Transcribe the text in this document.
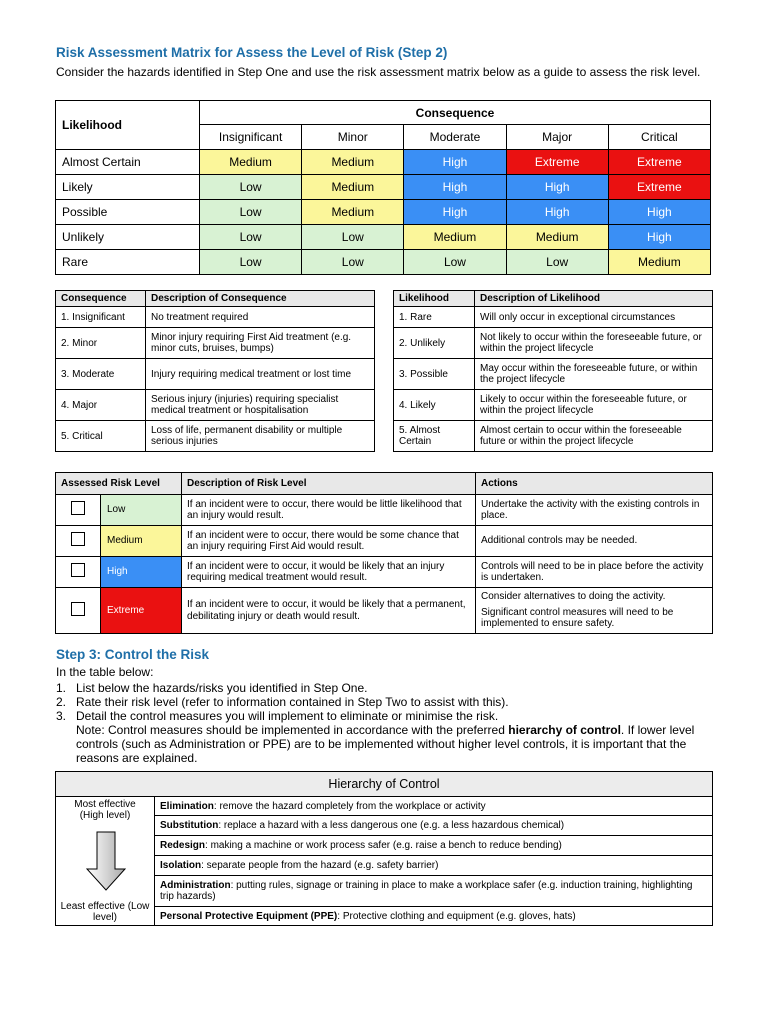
Risk Assessment Matrix for Assess the Level of Risk (Step 2)
Consider the hazards identified in Step One and use the risk assessment matrix below as a guide to assess the risk level.
Likelihood	Consequence				
	Insignificant	Minor	Moderate	Major	Critical
Almost Certain	Medium	Medium	High	Extreme	Extreme
Likely	Low	Medium	High	High	Extreme
Possible	Low	Medium	High	High	High
Unlikely	Low	Low	Medium	Medium	High
Rare	Low	Low	Low	Low	Medium
Consequence	Description of Consequence
1. Insignificant	No treatment required
2. Minor	Minor injury requiring First Aid treatment (e.g. minor cuts, bruises, bumps)
3. Moderate	Injury requiring medical treatment or lost time
4. Major	Serious injury (injuries) requiring specialist medical treatment or hospitalisation
5. Critical	Loss of life, permanent disability or multiple serious injuries
Likelihood	Description of Likelihood
1. Rare	Will only occur in exceptional circumstances
2. Unlikely	Not likely to occur within the foreseeable future, or within the project lifecycle
3. Possible	May occur within the foreseeable future, or within the project lifecycle
4. Likely	Likely to occur within the foreseeable future, or within the project lifecycle
5. Almost Certain	Almost certain to occur within the foreseeable future or within the project lifecycle
Assessed Risk Level		Description of Risk Level	Actions
	Low	If an incident were to occur, there would be little likelihood that an injury would result.	Undertake the activity with the existing controls in place.

	Medium	If an incident were to occur, there would be some chance that an injury requiring First Aid would result.	Additional controls may be needed.

	High	If an incident were to occur, it would be likely that an injury requiring medical treatment would result.	Controls will need to be in place before the activity is undertaken.

	Extreme	If an incident were to occur, it would be likely that a permanent, debilitating injury or death would result.	Consider alternatives to doing the activity.
Significant control measures will need to be implemented to ensure safety.
Step 3: Control the Risk
In the table below:
1. List below the hazards/risks you identified in Step One.
2. Rate their risk level (refer to information contained in Step Two to assist with this).
3. Detail the control measures you will implement to eliminate or minimise the risk.
Note: Control measures should be implemented in accordance with the preferred hierarchy of control. If lower level controls (such as Administration or PPE) are to be implemented without higher level controls, it is important that the reasons are explained.
Hierarchy of Control

Most effective (High level)
Least effective (Low level)
	Elimination: remove the hazard completely from the workplace or activity
Substitution: replace a hazard with a less dangerous one (e.g. a less hazardous chemical)
Redesign: making a machine or work process safer (e.g. raise a bench to reduce bending)
Isolation: separate people from the hazard (e.g. safety barrier)
Administration: putting rules, signage or training in place to make a workplace safer (e.g. induction training, highlighting trip hazards)
Personal Protective Equipment (PPE): Protective clothing and equipment (e.g. gloves, hats)
